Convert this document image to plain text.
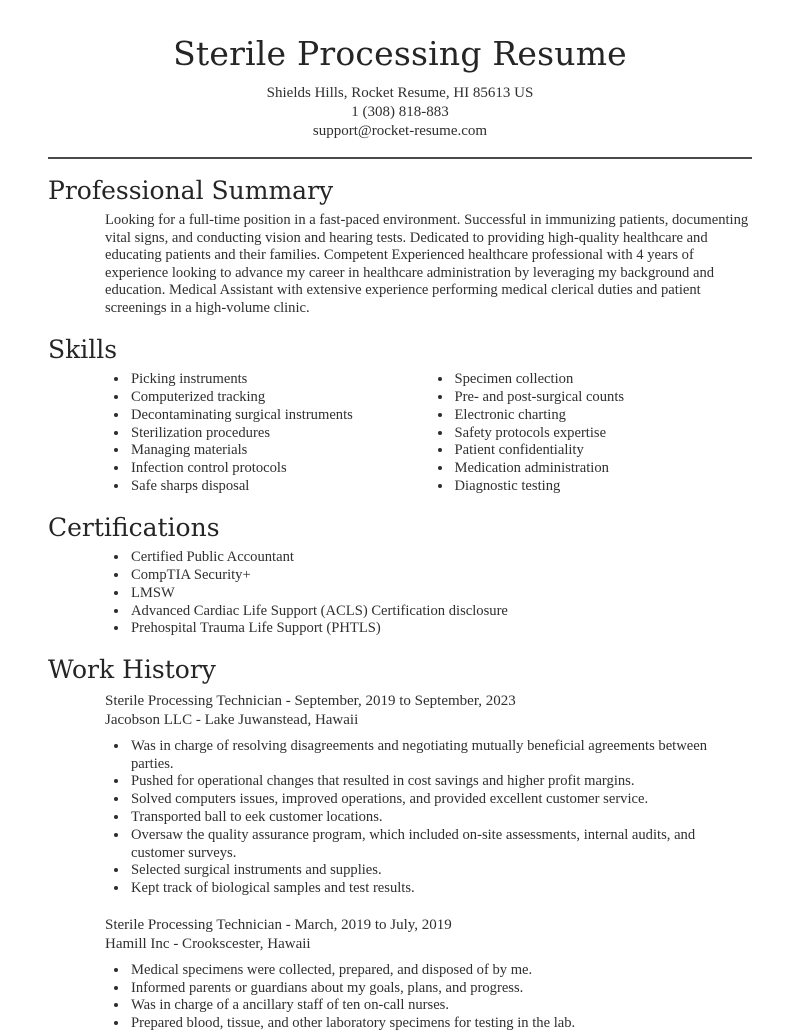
Sterile Processing Resume
Shields Hills, Rocket Resume, HI 85613 US
1 (308) 818-883
support@rocket-resume.com
Professional Summary

Looking for a full-time position in a fast-paced environment. Successful in immunizing patients, documenting vital signs, and conducting vision and hearing tests. Dedicated to providing high-quality healthcare and educating patients and their families. Competent Experienced healthcare professional with 4 years of experience looking to advance my career in healthcare administration by leveraging my background and education. Medical Assistant with extensive experience performing medical clerical duties and patient screenings in a high-volume clinic.

Skills
• Picking instruments
• Computerized tracking
• Decontaminating surgical instruments
• Sterilization procedures
• Managing materials
• Infection control protocols
• Safe sharps disposal
• Specimen collection
• Pre- and post-surgical counts
• Electronic charting
• Safety protocols expertise
• Patient confidentiality
• Medication administration
• Diagnostic testing
Certifications
• Certified Public Accountant
• CompTIA Security+
• LMSW
• Advanced Cardiac Life Support (ACLS) Certification disclosure
• Prehospital Trauma Life Support (PHTLS)
Work History
Sterile Processing Technician - September, 2019 to September, 2023
Jacobson LLC - Lake Juwanstead, Hawaii
• Was in charge of resolving disagreements and negotiating mutually beneficial agreements between parties.
• Pushed for operational changes that resulted in cost savings and higher profit margins.
• Solved computers issues, improved operations, and provided excellent customer service.
• Transported ball to eek customer locations.
• Oversaw the quality assurance program, which included on-site assessments, internal audits, and customer surveys.
• Selected surgical instruments and supplies.
• Kept track of biological samples and test results.
Sterile Processing Technician - March, 2019 to July, 2019
Hamill Inc - Crookscester, Hawaii
• Medical specimens were collected, prepared, and disposed of by me.
• Informed parents or guardians about my goals, plans, and progress.
• Was in charge of a ancillary staff of ten on-call nurses.
• Prepared blood, tissue, and other laboratory specimens for testing in the lab.
